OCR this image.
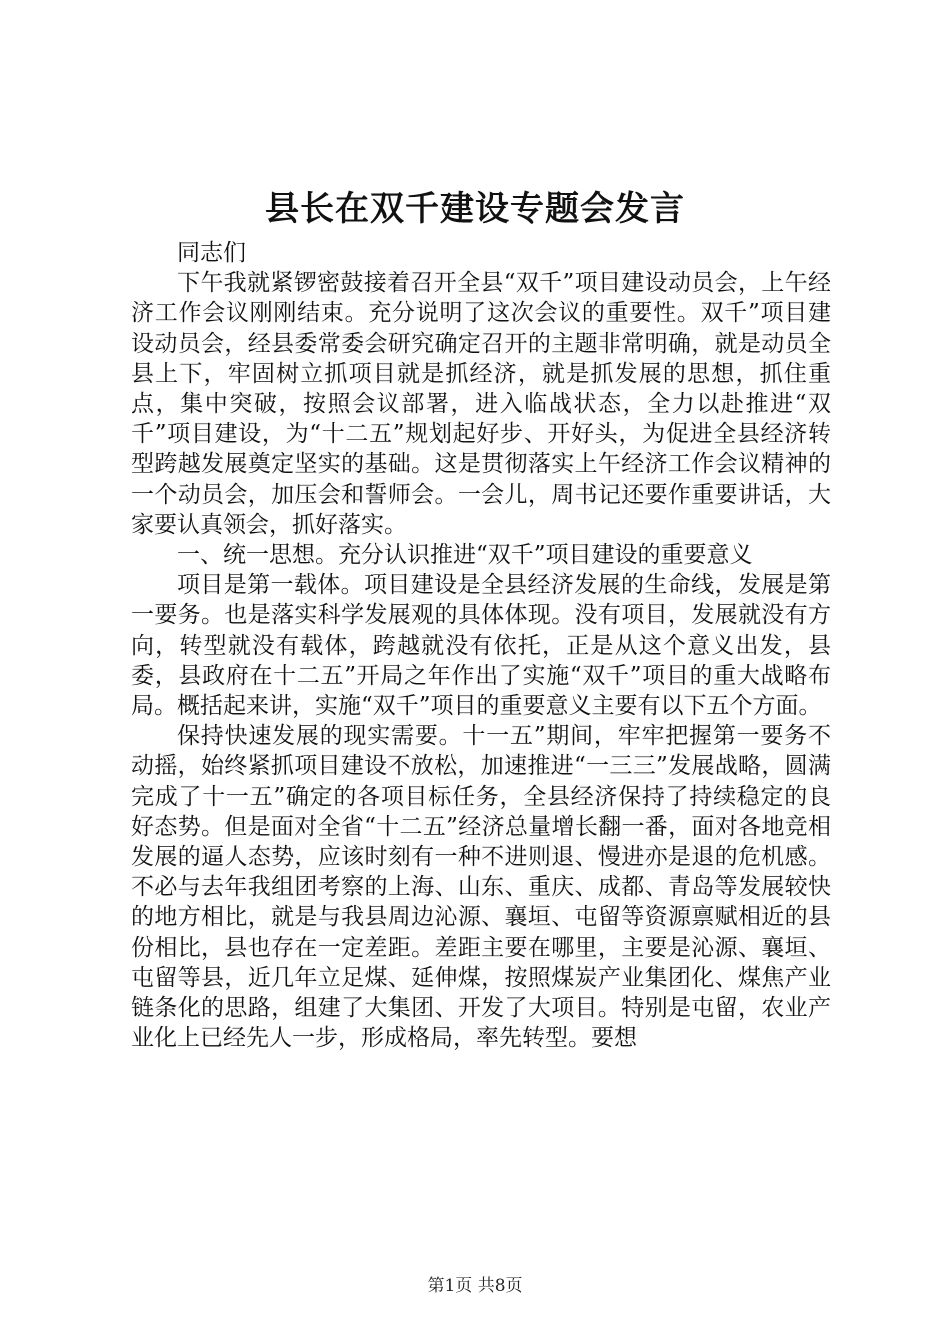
县长在双千建设专题会发言

同志们

下午我就紧锣密鼓接着召开全县“双千”项目建设动员会，上午经济工作会议刚刚结束。充分说明了这次会议的重要性。双千”项目建设动员会，经县委常委会研究确定召开的主题非常明确，就是动员全县上下，牢固树立抓项目就是抓经济，就是抓发展的思想，抓住重点，集中突破，按照会议部署，进入临战状态，全力以赴推进“双千”项目建设，为“十二五”规划起好步、开好头，为促进全县经济转型跨越发展奠定坚实的基础。这是贯彻落实上午经济工作会议精神的一个动员会，加压会和誓师会。一会儿，周书记还要作重要讲话，大家要认真领会，抓好落实。

一、统一思想。充分认识推进“双千”项目建设的重要意义

项目是第一载体。项目建设是全县经济发展的生命线，发展是第一要务。也是落实科学发展观的具体体现。没有项目，发展就没有方向，转型就没有载体，跨越就没有依托，正是从这个意义出发，县委，县政府在十二五”开局之年作出了实施“双千”项目的重大战略布局。概括起来讲，实施“双千”项目的重要意义主要有以下五个方面。

保持快速发展的现实需要。十一五”期间，牢牢把握第一要务不动摇，始终紧抓项目建设不放松，加速推进“一三三”发展战略，圆满完成了十一五”确定的各项目标任务，全县经济保持了持续稳定的良好态势。但是面对全省“十二五”经济总量增长翻一番，面对各地竞相发展的逼人态势，应该时刻有一种不进则退、慢进亦是退的危机感。不必与去年我组团考察的上海、山东、重庆、成都、青岛等发展较快的地方相比，就是与我县周边沁源、襄垣、屯留等资源禀赋相近的县份相比，县也存在一定差距。差距主要在哪里，主要是沁源、襄垣、屯留等县，近几年立足煤、延伸煤，按照煤炭产业集团化、煤焦产业链条化的思路，组建了大集团、开发了大项目。特别是屯留，农业产业化上已经先人一步，形成格局，率先转型。要想

第1页 共8页
